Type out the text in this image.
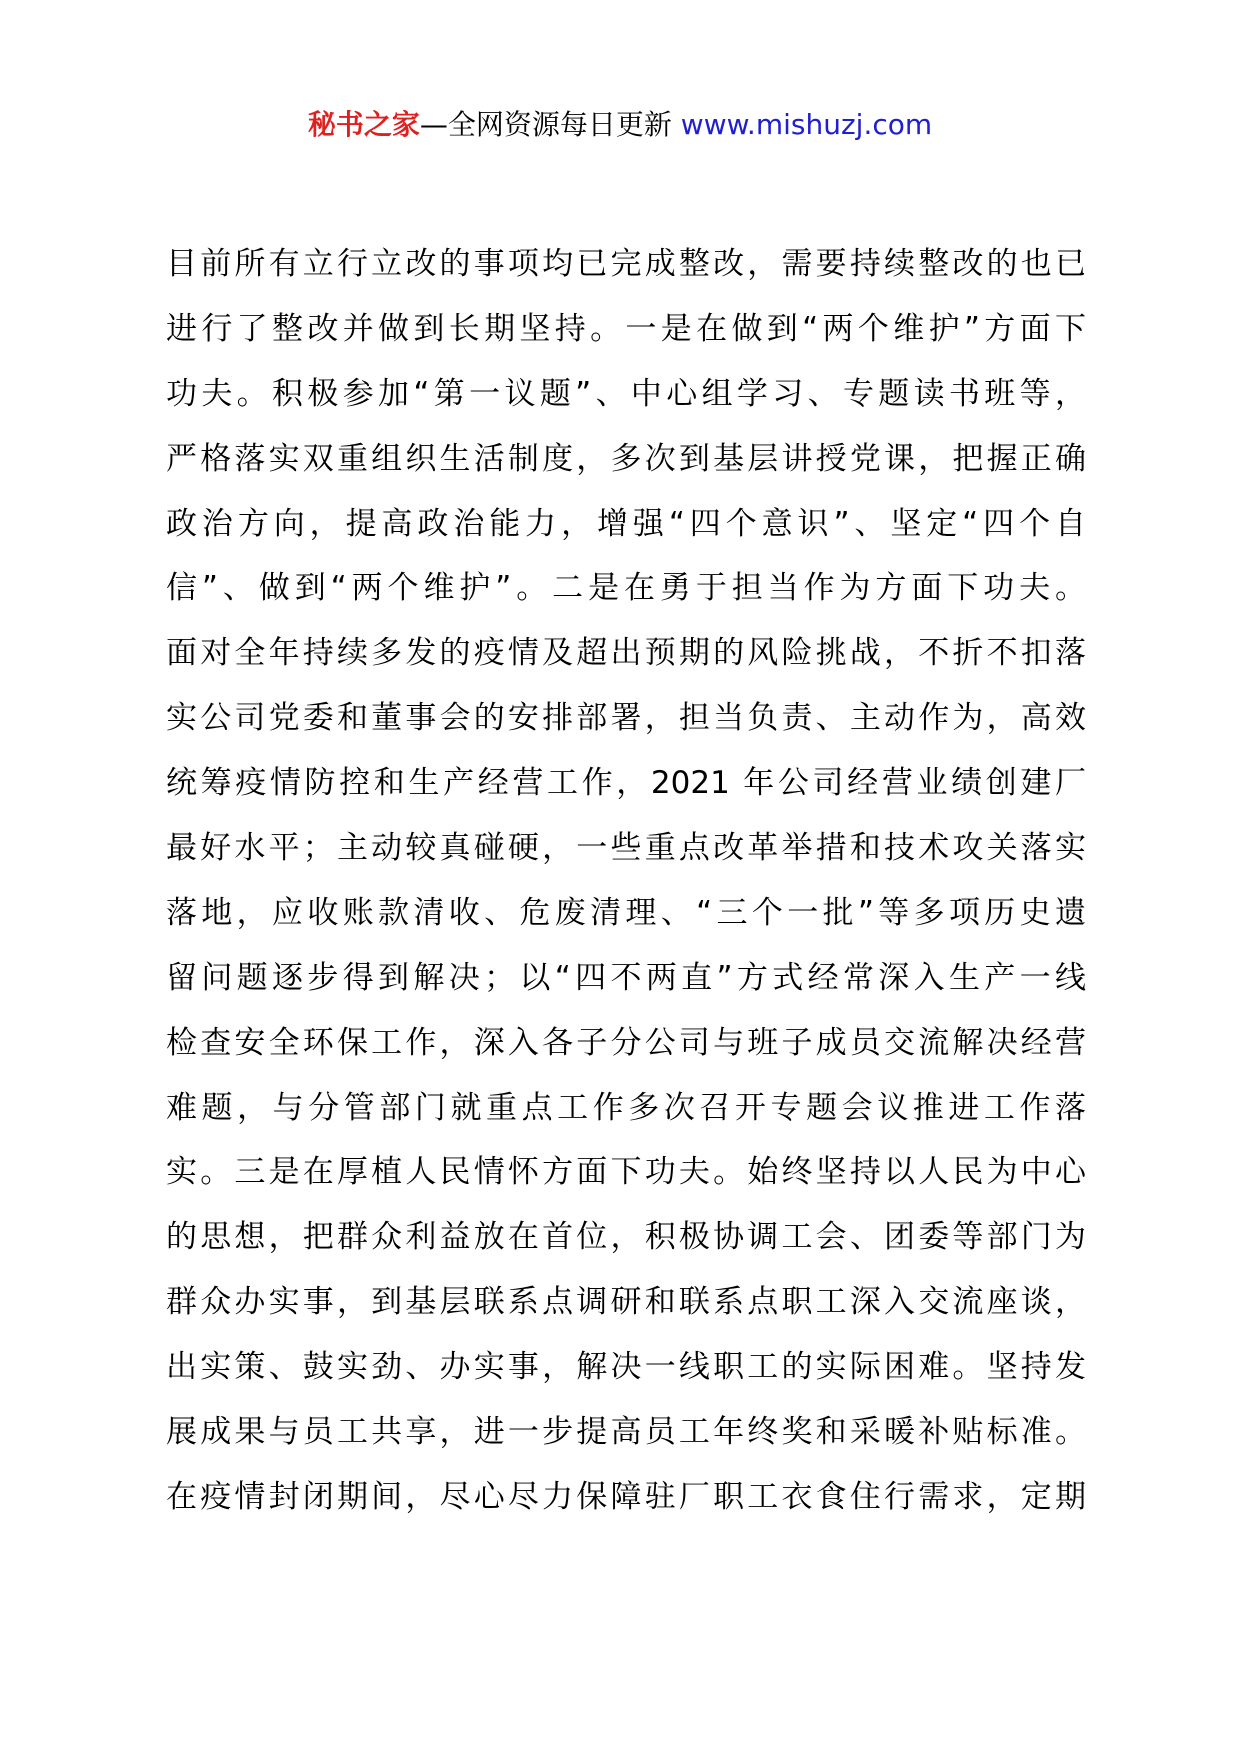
秘书之家—全网资源每日更新 www.mishuzj.com
目前所有立行立改的事项均已完成整改，需要持续整改的也已
进行了整改并做到长期坚持。一是在做到“两个维护”方面下
功夫。积极参加“第一议题”、中心组学习、专题读书班等，
严格落实双重组织生活制度，多次到基层讲授党课，把握正确
政治方向，提高政治能力，增强“四个意识”、坚定“四个自
信”、做到“两个维护”。二是在勇于担当作为方面下功夫。
面对全年持续多发的疫情及超出预期的风险挑战，不折不扣落
实公司党委和董事会的安排部署，担当负责、主动作为，高效
统筹疫情防控和生产经营工作，2021 年公司经营业绩创建厂
最好水平；主动较真碰硬，一些重点改革举措和技术攻关落实
落地，应收账款清收、危废清理、“三个一批”等多项历史遗
留问题逐步得到解决；以“四不两直”方式经常深入生产一线
检查安全环保工作，深入各子分公司与班子成员交流解决经营
难题，与分管部门就重点工作多次召开专题会议推进工作落
实。三是在厚植人民情怀方面下功夫。始终坚持以人民为中心
的思想，把群众利益放在首位，积极协调工会、团委等部门为
群众办实事，到基层联系点调研和联系点职工深入交流座谈，
出实策、鼓实劲、办实事，解决一线职工的实际困难。坚持发
展成果与员工共享，进一步提高员工年终奖和采暖补贴标准。
在疫情封闭期间，尽心尽力保障驻厂职工衣食住行需求，定期
